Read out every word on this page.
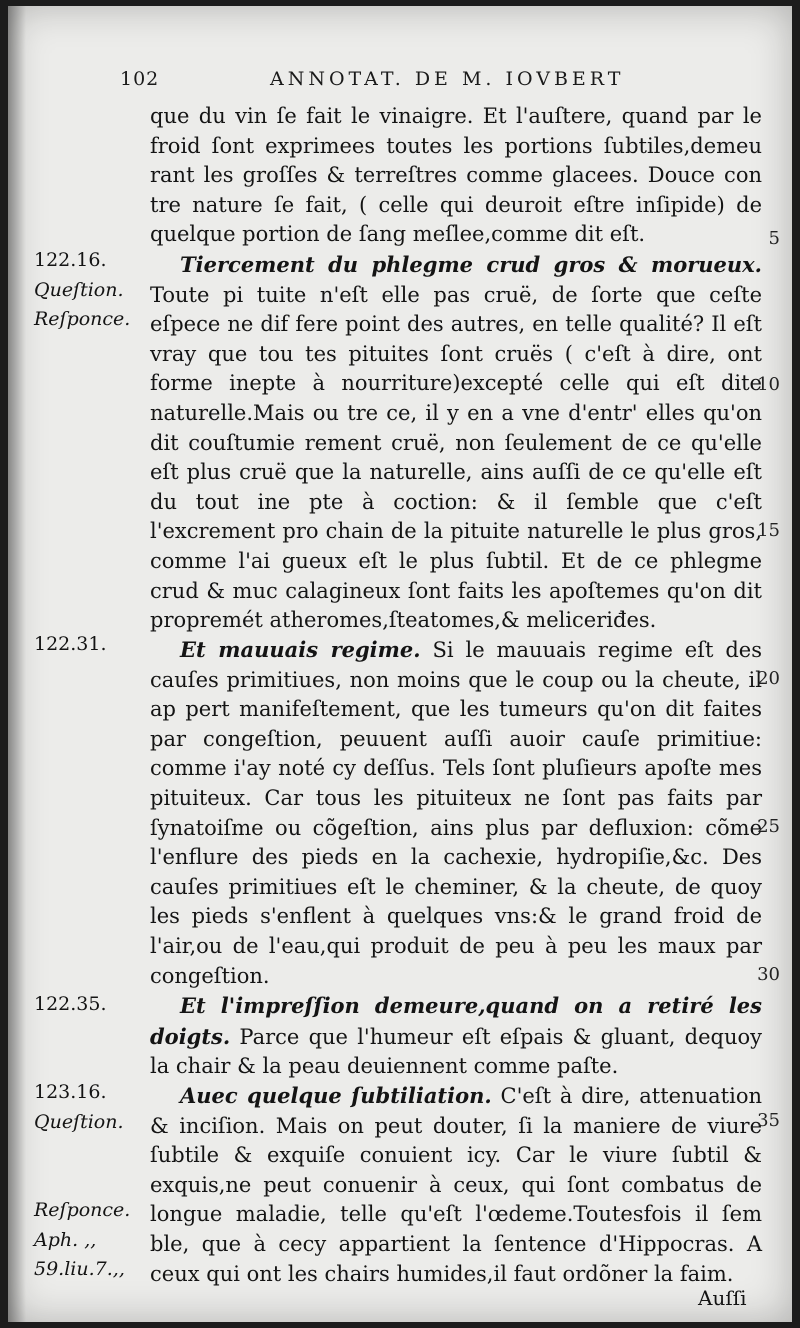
102	ANNOTAT. DE M. IOVBERT

que du vin ſe fait le vinaigre. Et l'auſtere, quand par le froid ſont exprimees toutes les portions ſubtiles,demeu rant les groſſes & terreſtres comme glacees. Douce con tre nature ſe fait, ( celle qui deuroit eſtre inſipide) de quelque portion de ſang meſlee,comme dit eſt.

Tiercement du phlegme crud gros & morueux. Toute pi tuite n'eſt elle pas cruë, de ſorte que ceſte eſpece ne dif fere point des autres, en telle qualité? Il eſt vray que tou tes pituites ſont cruës ( c'eſt à dire, ont forme inepte à nourriture)excepté celle qui eſt dite naturelle.Mais ou tre ce, il y en a vne d'entr' elles qu'on dit couſtumie rement cruë, non ſeulement de ce qu'elle eſt plus cruë que la naturelle, ains auſſi de ce qu'elle eſt du tout ine pte à coction: & il ſemble que c'eſt l'excrement pro chain de la pituite naturelle le plus gros, comme l'ai gueux eſt le plus ſubtil. Et de ce phlegme crud & muc calagineux ſont faits les apoſtemes qu'on dit propremét atheromes,ſteatomes,& meliceriđes.

Et mauuais regime. Si le mauuais regime eſt des cauſes primitiues, non moins que le coup ou la cheute, il ap pert manifeſtement, que les tumeurs qu'on dit faites par congeſtion, peuuent auſſi auoir cauſe primitiue: comme i'ay noté cy deſſus. Tels ſont pluſieurs apoſte mes pituiteux. Car tous les pituiteux ne ſont pas faits par ſynatoiſme ou cõgeſtion, ains plus par defluxion: cõme l'enflure des pieds en la cachexie, hydropiſie,&c. Des cauſes primitiues eſt le cheminer, & la cheute, de quoy les pieds s'enflent à quelques vns:& le grand froid de l'air,ou de l'eau,qui produit de peu à peu les maux par congeſtion.

Et l'impreſſion demeure,quand on a retiré les doigts. Parce que l'humeur eſt eſpais & gluant, dequoy la chair & la peau deuiennent comme paſte.

Auec quelque ſubtiliation. C'eſt à dire, attenuation & inciſion. Mais on peut douter, ſi la maniere de viure ſubtile & exquiſe conuient icy. Car le viure ſubtil & exquis,ne peut conuenir à ceux, qui ſont combatus de longue maladie, telle qu'eſt l'œdeme.Toutesfois il ſem ble, que à cecy appartient la ſentence d'Hippocras. A ceux qui ont les chairs humides,il faut ordõner la faim.

122.16.
Queſtion.
Reſponce.
122.31.
122.35.
123.16.
Queſtion.
Reſponce.
Aph. ,,
59.liu.7.,,
5
10
15
20
25
30
35
Auſſi
